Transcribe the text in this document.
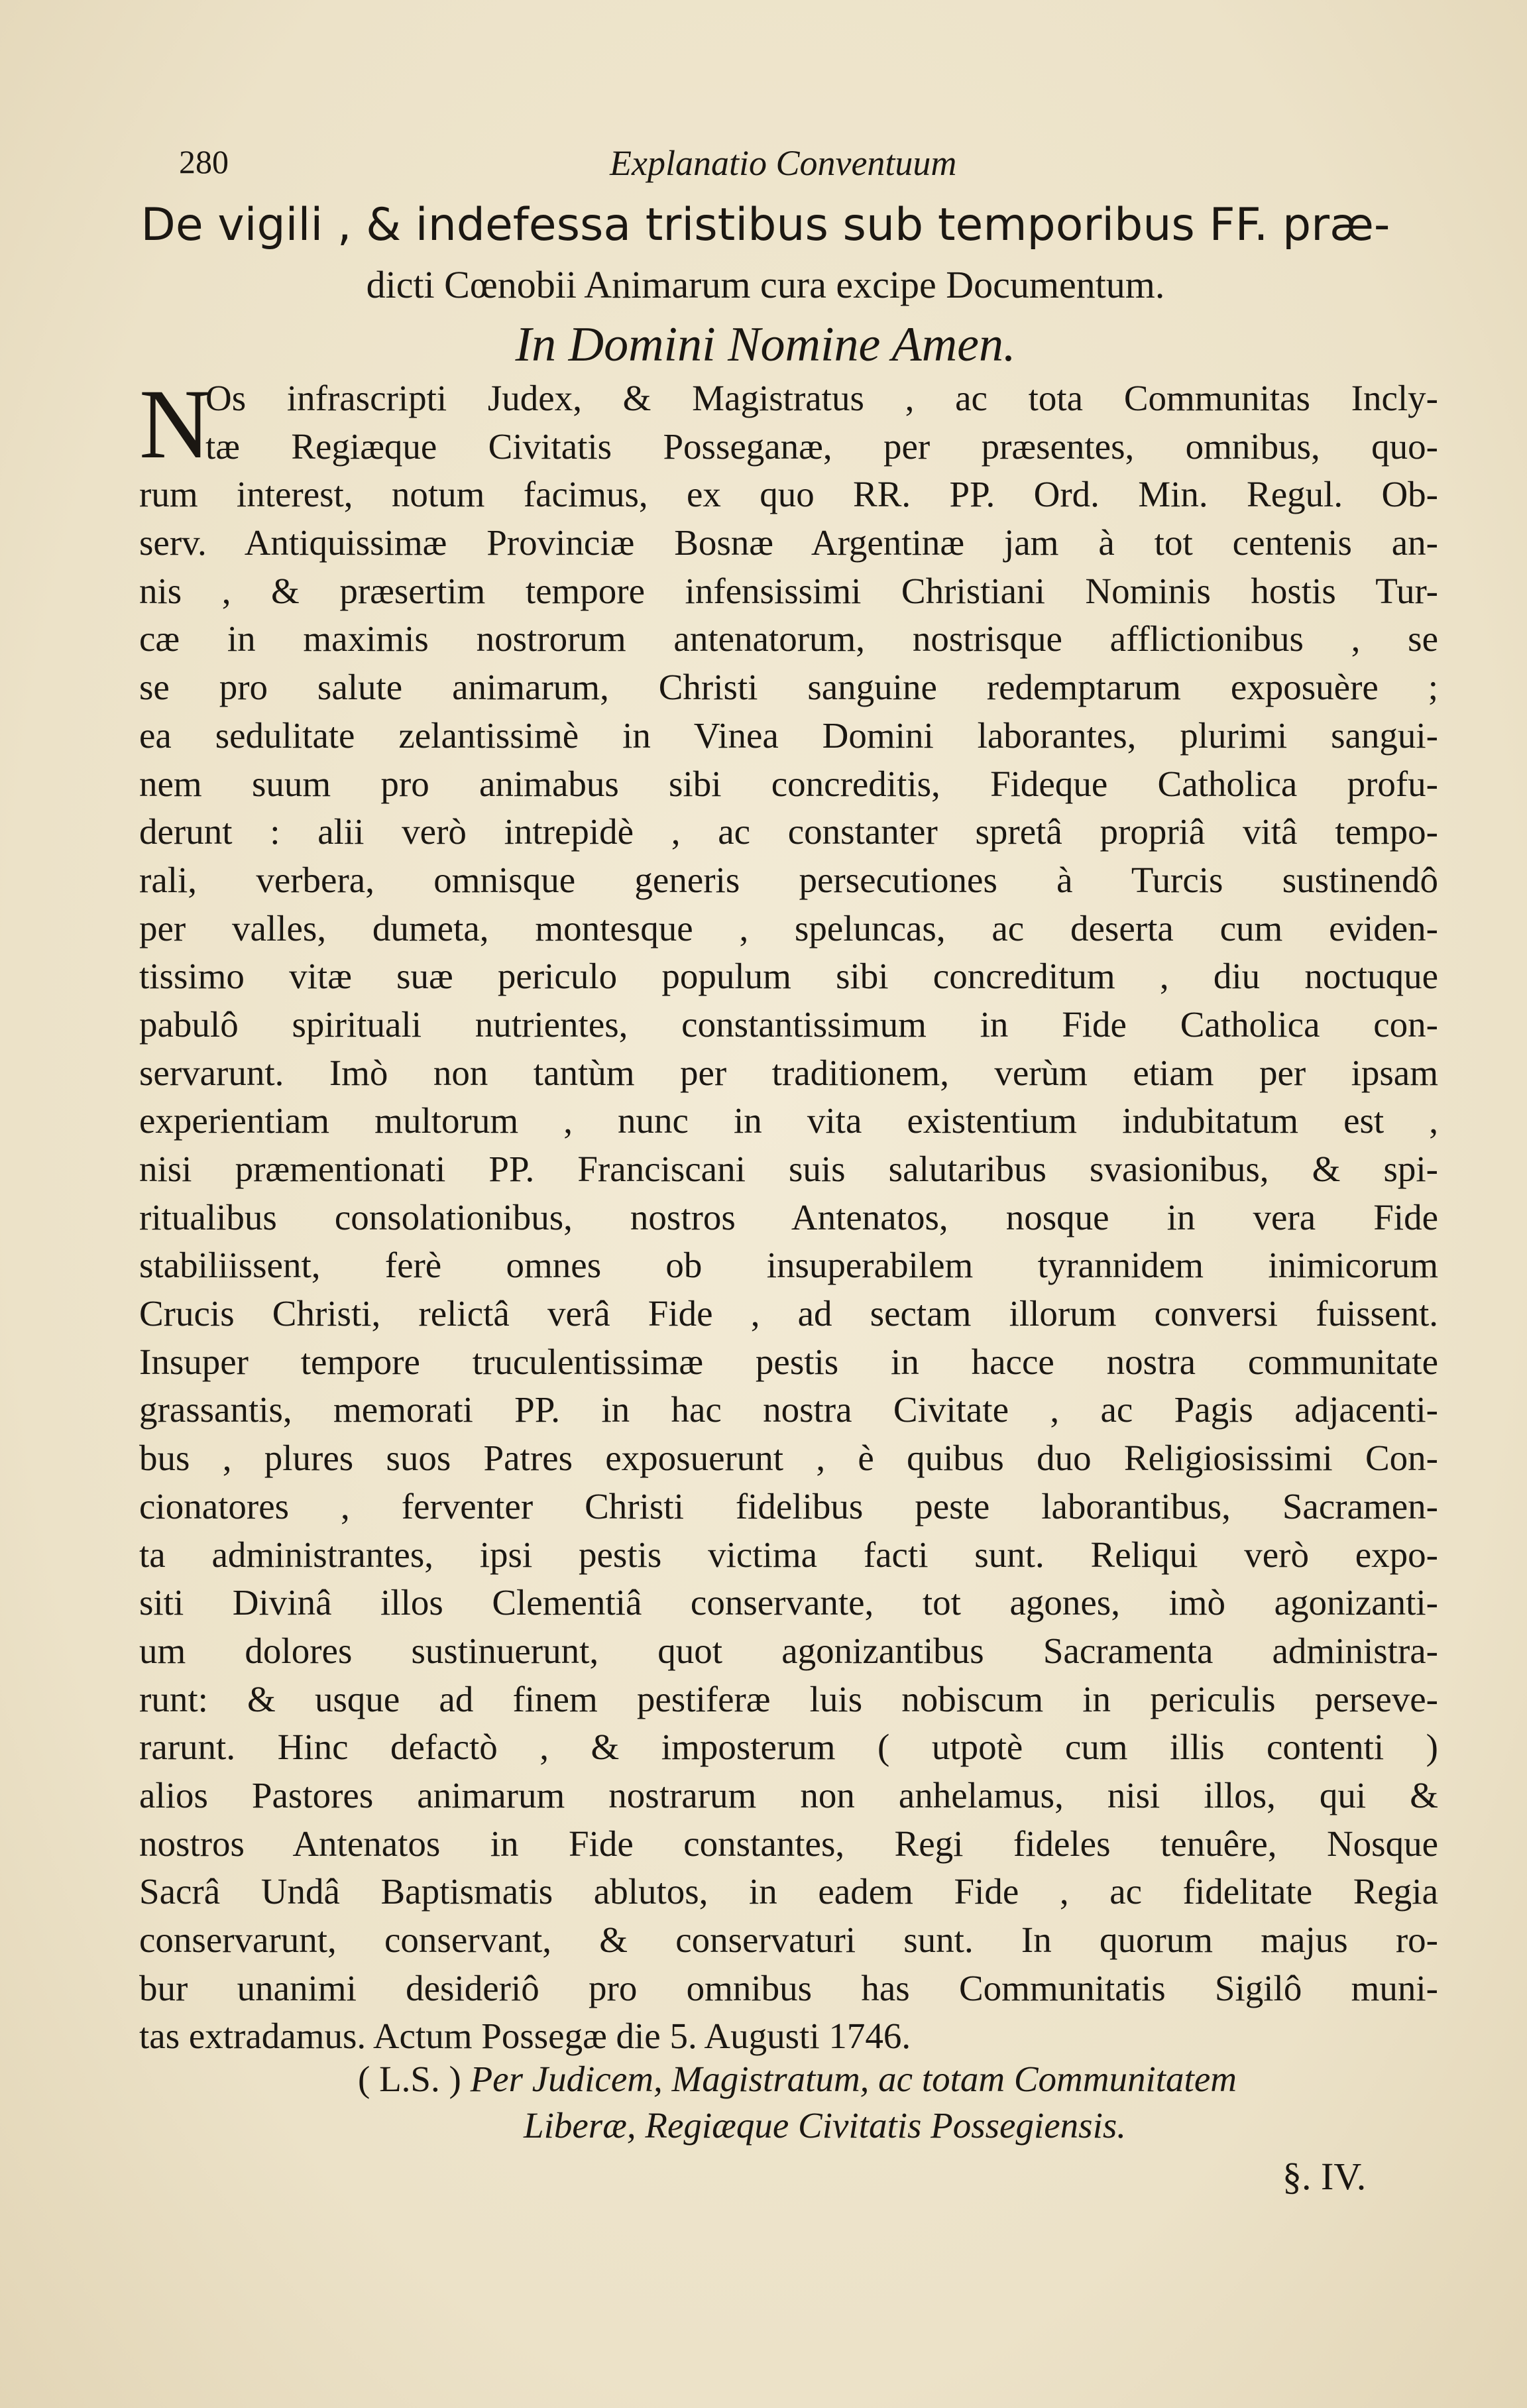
280	Explanatio Conventuum
De vigili , & indefessa tristibus sub temporibus FF. præ-
dicti Cœnobii Animarum cura excipe Documentum.
In Domini Nomine Amen.
N
Os infrascripti Judex, & Magistratus , ac tota Communitas Incly-
tæ Regiæque Civitatis Posseganæ, per præsentes, omnibus, quo-
rum interest, notum facimus, ex quo RR. PP. Ord. Min. Regul. Ob-
serv. Antiquissimæ Provinciæ Bosnæ Argentinæ jam à tot centenis an-
nis , & præsertim tempore infensissimi Christiani Nominis hostis Tur-
cæ in maximis nostrorum antenatorum, nostrisque afflictionibus , se
se pro salute animarum, Christi sanguine redemptarum exposuère ;
ea sedulitate zelantissimè in Vinea Domini laborantes, plurimi sangui-
nem suum pro animabus sibi concreditis, Fideque Catholica profu-
derunt : alii verò intrepidè , ac constanter spretâ propriâ vitâ tempo-
rali, verbera, omnisque generis persecutiones à Turcis sustinendô
per valles, dumeta, montesque , speluncas, ac deserta cum eviden-
tissimo vitæ suæ periculo populum sibi concreditum , diu noctuque
pabulô spirituali nutrientes, constantissimum in Fide Catholica con-
servarunt. Imò non tantùm per traditionem, verùm etiam per ipsam
experientiam multorum , nunc in vita existentium indubitatum est ,
nisi præmentionati PP. Franciscani suis salutaribus svasionibus, & spi-
ritualibus consolationibus, nostros Antenatos, nosque in vera Fide
stabiliissent, ferè omnes ob insuperabilem tyrannidem inimicorum
Crucis Christi, relictâ verâ Fide , ad sectam illorum conversi fuissent.
Insuper tempore truculentissimæ pestis in hacce nostra communitate
grassantis, memorati PP. in hac nostra Civitate , ac Pagis adjacenti-
bus , plures suos Patres exposuerunt , è quibus duo Religiosissimi Con-
cionatores , ferventer Christi fidelibus peste laborantibus, Sacramen-
ta administrantes, ipsi pestis victima facti sunt. Reliqui verò expo-
siti Divinâ illos Clementiâ conservante, tot agones, imò agonizanti-
um dolores sustinuerunt, quot agonizantibus Sacramenta administra-
runt: & usque ad finem pestiferæ luis nobiscum in periculis perseve-
rarunt. Hinc defactò , & imposterum ( utpotè cum illis contenti )
alios Pastores animarum nostrarum non anhelamus, nisi illos, qui &
nostros Antenatos in Fide constantes, Regi fideles tenuêre, Nosque
Sacrâ Undâ Baptismatis ablutos, in eadem Fide , ac fidelitate Regia
conservarunt, conservant, & conservaturi sunt. In quorum majus ro-
bur unanimi desideriô pro omnibus has Communitatis Sigilô muni-
tas extradamus. Actum Possegæ die 5. Augusti 1746.
( L.S. ) Per Judicem, Magistratum, ac totam Communitatem
Liberæ, Regiæque Civitatis Possegiensis.
§. IV.
